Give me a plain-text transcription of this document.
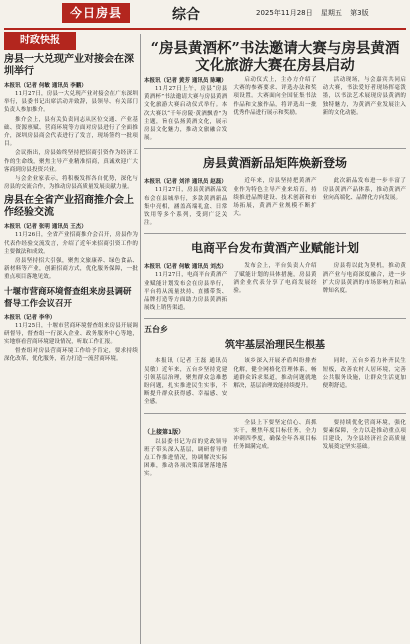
今日房县	综合	2025年11月28日 星期五 第3版
时政快报
房县一大兑现产业对接会在深圳举行
本报讯（记者 何敏 通讯员 李鹏）

11月27日，房县一大兑现产业对接会在广东深圳举行，县委书记出席活动并致辞，县领导、有关部门负责人参加推介。

推介会上，县有关负责同志从区位交通、产业基础、资源禀赋、营商环境等方面对房县进行了全面推介，深圳房县商会代表进行了发言，现场签约一批项目。

会议指出，房县始终坚持把招商引资作为经济工作的生命线，聚焦主导产业精准招商，真诚欢迎广大客商到房县投资兴业。

与会企业家表示，将积极发挥各自优势，深化与房县的交流合作，为推动房县高质量发展贡献力量。

房县在全省产业招商推介会上作经验交流
本报讯（记者 张明 通讯员 王杰）

11月26日，全省产业招商推介会召开，房县作为代表作经验交流发言，介绍了近年来招商引资工作的主要做法和成效。

房县坚持招大引强，聚焦文旅康养、绿色食品、新材料等产业，创新招商方式，优化服务保障，一批重点项目落地见效。

十堰市营商环境督查组来房县调研督导工作会议召开
本报讯（记者 李华）

11月25日，十堰市营商环境督查组来房县开展调研督导，督查组一行深入企业、政务服务中心等地，实地察看营商环境建设情况，听取工作汇报。

督查组对房县营商环境工作给予肯定，要求持续深化改革，优化服务，着力打造一流营商环境。

“房县黄酒杯”书法邀请大赛与房县黄酒文化旅游大赛在房县启动
本报讯（记者 黄芳 通讯员 陈曦）

11月27日上午，房县“房县黄酒杯”书法邀请大赛与房县黄酒文化旅游大赛启动仪式举行。本次大赛以“千年房陵·黄酒飘香”为主题，旨在弘扬黄酒文化，展示房县文化魅力，推动文旅融合发展。

启动仪式上，主办方介绍了大赛的参赛要求、评选办法和奖项设置。大赛面向全国征集书法作品和文旅作品，将评选出一批优秀作品进行展示和奖励。

活动现场，与会嘉宾共同启动大赛，书法爱好者现场挥毫泼墨，以书法艺术展现房县黄酒的独特魅力，为黄酒产业发展注入新的文化动能。

房县黄酒新品矩阵焕新登场
本报讯（记者 刘洋 通讯员 赵磊）

11月27日，房县黄酒新品发布会在县城举行，多款黄酒新品集中亮相，涵盖高端礼盒、日常饮用等多个系列，受到广泛关注。

近年来，房县坚持把黄酒产业作为特色主导产业来培育，持续推进品牌建设、技术创新和市场拓展，黄酒产业规模不断扩大。

此次新品发布进一步丰富了房县黄酒产品体系，推动黄酒产业向高端化、品牌化方向发展。

电商平台发布黄酒产业赋能计划
本报讯（记者 何敏 通讯员 刘杰）

11月27日，电商平台黄酒产业赋能计划发布会在房县举行，平台将从流量扶持、直播带货、品牌打造等方面助力房县黄酒拓展线上销售渠道。

发布会上，平台负责人介绍了赋能计划的具体措施，房县黄酒企业代表分享了电商发展经验。

房县将以此为契机，推动黄酒产业与电商深度融合，进一步扩大房县黄酒的市场影响力和品牌知名度。

五台乡
筑牢基层治理民生根基

本报讯（记者 王磊 通讯员 吴敏）近年来，五台乡坚持党建引领基层治理，聚焦群众急难愁盼问题，扎实推进民生实事，不断提升群众获得感、幸福感、安全感。

该乡深入开展矛盾纠纷排查化解，健全网格化管理体系，畅通群众诉求渠道，推动问题就地解决，基层治理效能持续提升。

同时，五台乡着力补齐民生短板，改善农村人居环境，完善公共服务设施，让群众生活更加便利舒适。

（上接第1版）

以县委书记为首的党政领导班子带头深入基层，调研督导重点工作推进情况，协调解决实际困难，推动各项决策部署落地落实。

全县上下要坚定信心、真抓实干，聚焦年度目标任务，全力冲刺四季度，确保全年各项目标任务圆满完成。

要持续优化营商环境，强化要素保障，全力以赴推动重点项目建设，为全县经济社会高质量发展奠定坚实基础。
